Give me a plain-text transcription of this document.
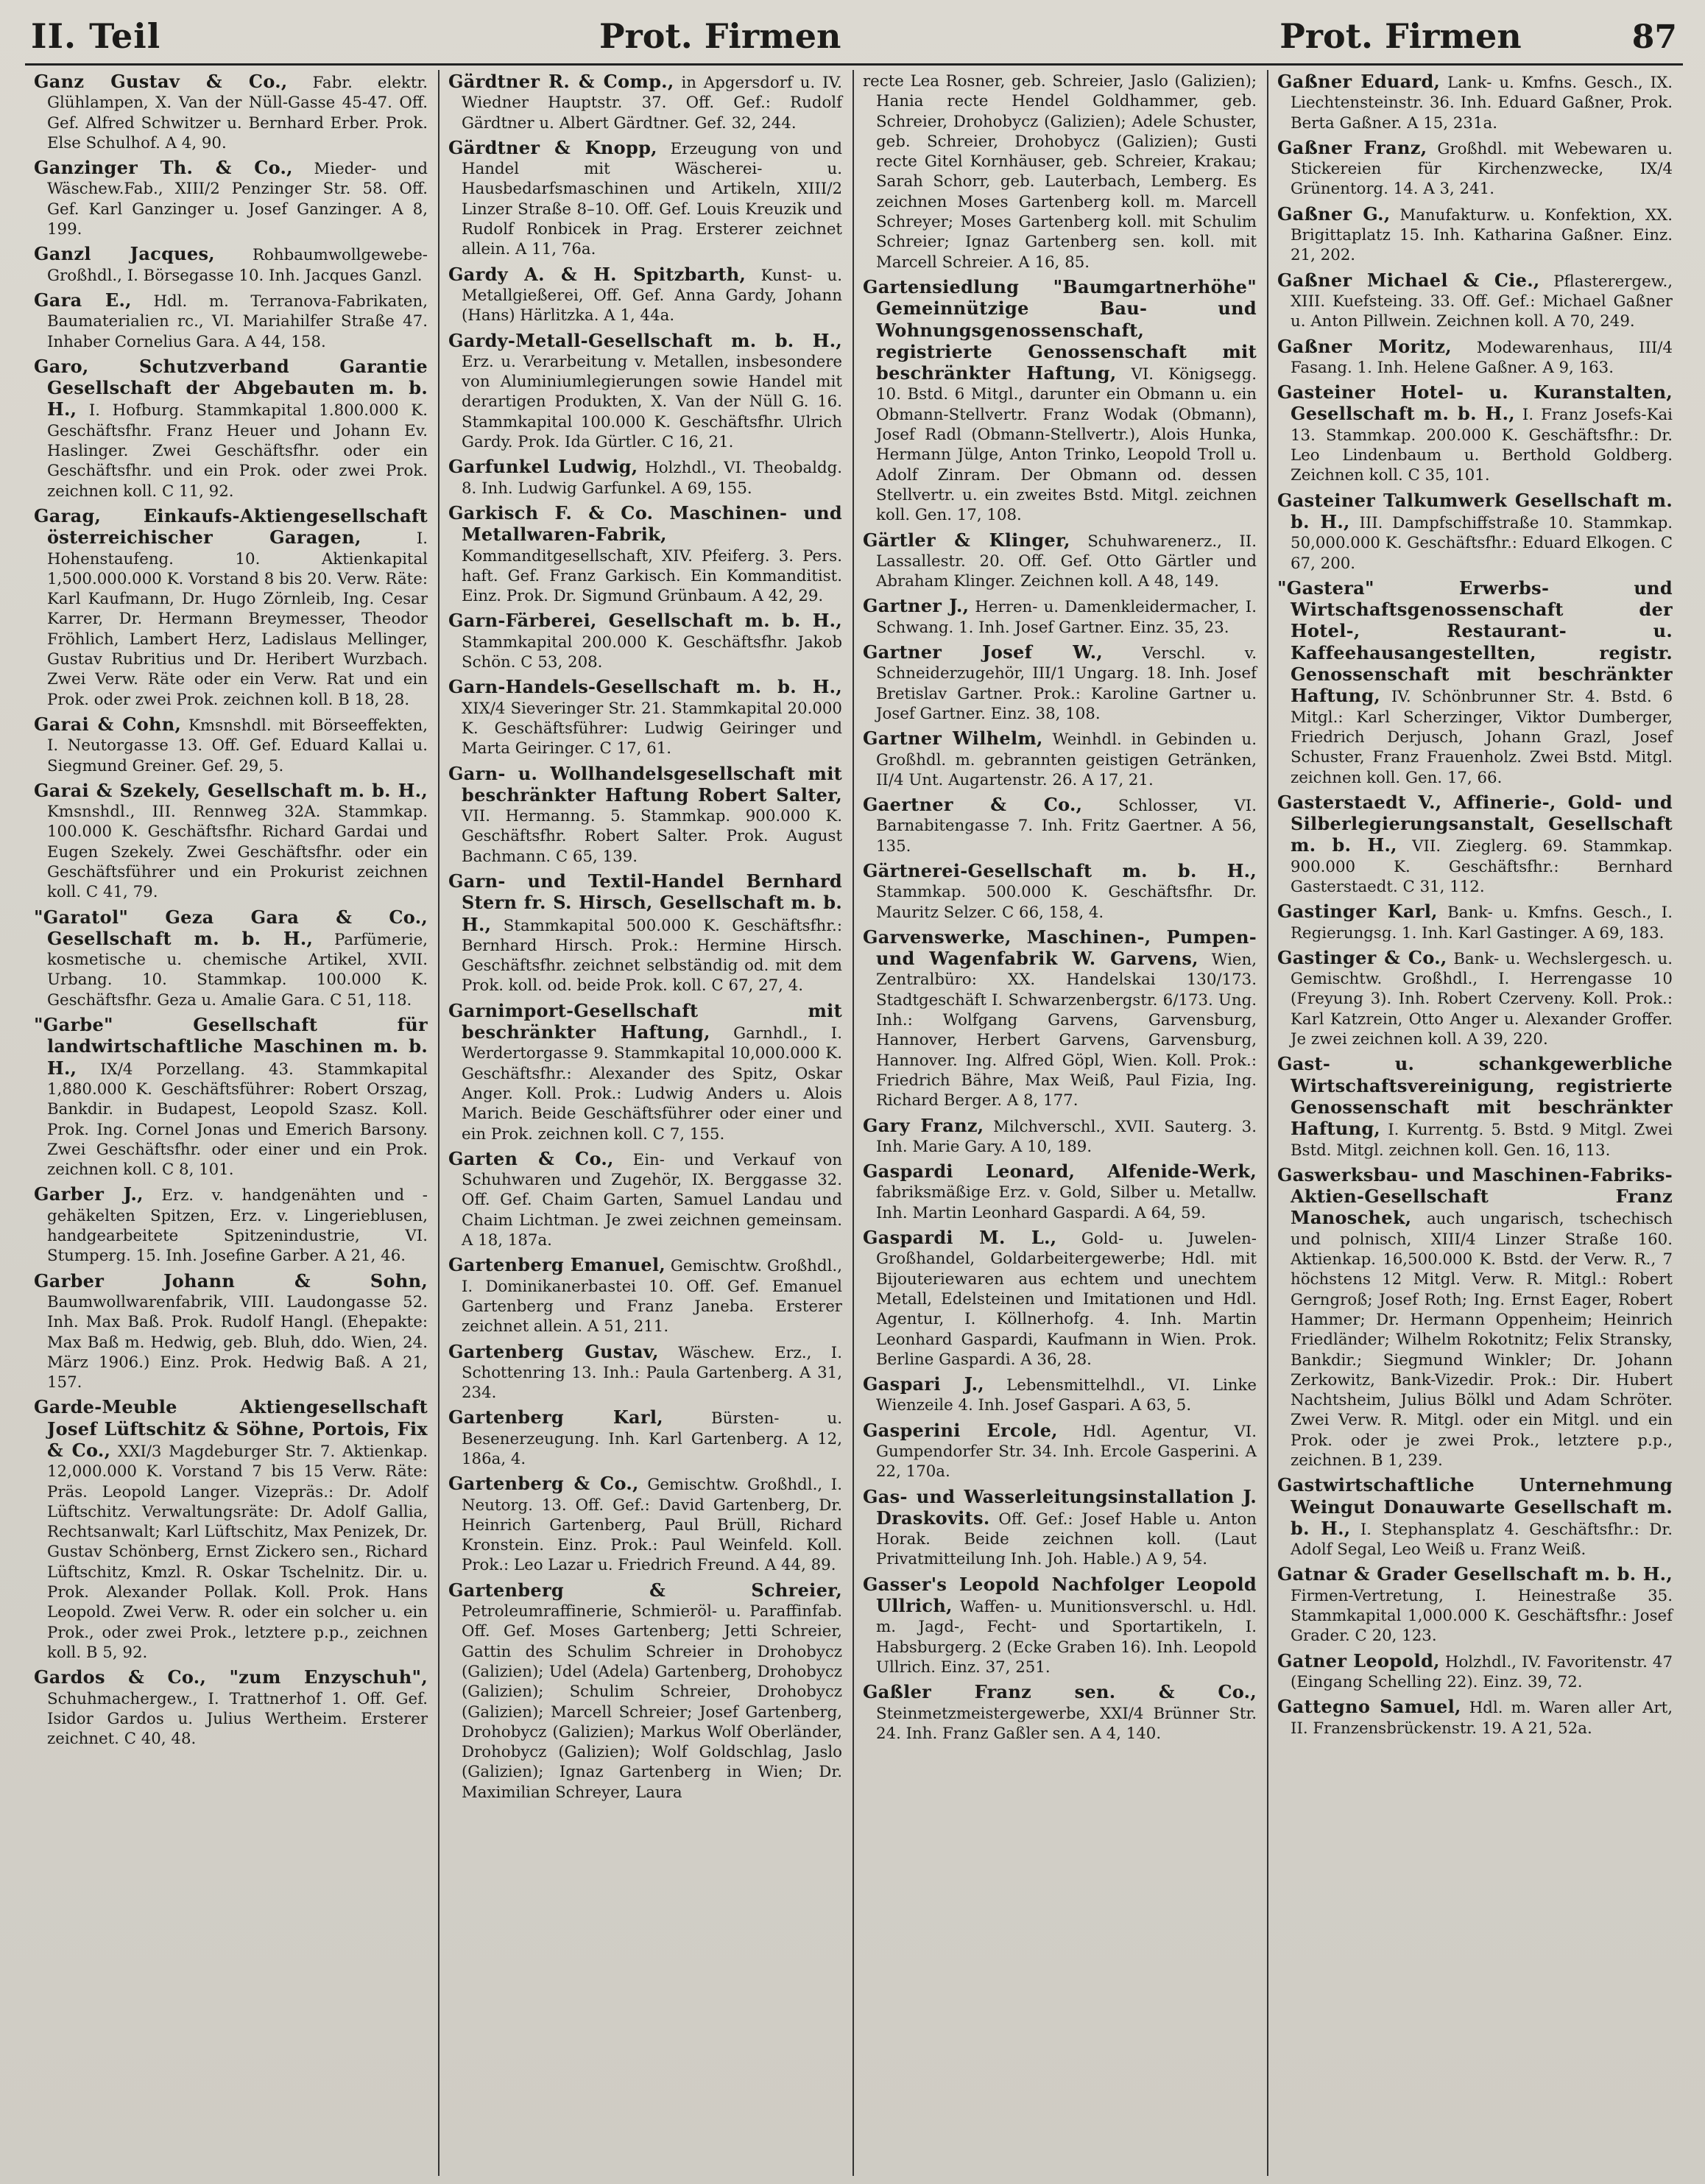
II. Teil	Prot. Firmen	Prot. Firmen	87

Ganz Gustav & Co., Fabr. elektr. Glühlampen, X. Van der Nüll-Gasse 45-47. Off. Gef. Alfred Schwitzer u. Bernhard Erber. Prok. Else Schulhof. A 4, 90.

Ganzinger Th. & Co., Mieder- und Wäschew.Fab., XIII/2 Penzinger Str. 58. Off. Gef. Karl Ganzinger u. Josef Ganzinger. A 8, 199.

Ganzl Jacques, Rohbaumwollgewebe-Großhdl., I. Börsegasse 10. Inh. Jacques Ganzl.

Gara E., Hdl. m. Terranova-Fabrikaten, Baumaterialien rc., VI. Mariahilfer Straße 47. Inhaber Cornelius Gara. A 44, 158.

Garo, Schutzverband Garantie Gesellschaft der Abgebauten m. b. H., I. Hofburg. Stammkapital 1.800.000 K. Geschäftsfhr. Franz Heuer und Johann Ev. Haslinger. Zwei Geschäftsfhr. oder ein Geschäftsfhr. und ein Prok. oder zwei Prok. zeichnen koll. C 11, 92.

Garag, Einkaufs-Aktiengesellschaft österreichischer Garagen,	I. Hohenstaufeng. 10. Aktienkapital 1,500.000.000 K. Vorstand 8 bis 20. Verw. Räte: Karl Kaufmann, Dr. Hugo Zörnleib, Ing. Cesar Karrer, Dr. Hermann Breymesser, Theodor Fröhlich, Lambert Herz, Ladislaus Mellinger, Gustav Rubritius und Dr. Heribert Wurzbach. Zwei Verw. Räte oder ein Verw. Rat und ein Prok. oder zwei Prok. zeichnen koll. B 18, 28.

Garai & Cohn, Kmsnshdl. mit Börseeffekten, I. Neutorgasse 13. Off. Gef. Eduard Kallai u. Siegmund Greiner. Gef. 29, 5.

Garai & Szekely, Gesellschaft m. b. H., Kmsnshdl., III. Rennweg 32A. Stammkap. 100.000 K. Geschäftsfhr. Richard Gardai und Eugen Szekely. Zwei Geschäftsfhr. oder ein Geschäftsführer und ein Prokurist zeichnen koll. C 41, 79.

"Garatol" Geza Gara & Co., Gesellschaft m. b. H., Parfümerie, kosmetische u. chemische Artikel, XVII. Urbang. 10. Stammkap. 100.000 K. Geschäftsfhr. Geza u. Amalie Gara. C 51, 118.

"Garbe" Gesellschaft für landwirtschaftliche Maschinen m. b. H., IX/4 Porzellang. 43. Stammkapital 1,880.000 K. Geschäftsführer: Robert Orszag, Bankdir. in Budapest, Leopold Szasz. Koll. Prok. Ing. Cornel Jonas und Emerich Barsony. Zwei Geschäftsfhr. oder einer und ein Prok. zeichnen koll. C 8, 101.

Garber J., Erz. v. handgenähten und -gehäkelten Spitzen, Erz. v. Lingerieblusen, handgearbeitete Spitzenindustrie, VI. Stumperg. 15. Inh. Josefine Garber. A 21, 46.

Garber Johann & Sohn, Baumwollwarenfabrik, VIII. Laudongasse 52. Inh. Max Baß. Prok. Rudolf Hangl. (Ehepakte: Max Baß m. Hedwig, geb. Bluh, ddo. Wien, 24. März 1906.) Einz. Prok. Hedwig Baß. A 21, 157.

Garde-Meuble Aktiengesellschaft Josef Lüftschitz & Söhne, Portois, Fix & Co., XXI/3 Magdeburger Str. 7. Aktienkap. 12,000.000 K. Vorstand 7 bis 15 Verw. Räte: Präs. Leopold Langer. Vizepräs.: Dr. Adolf Lüftschitz. Verwaltungsräte: Dr. Adolf Gallia, Rechtsanwalt; Karl Lüftschitz, Max Penizek, Dr. Gustav Schönberg, Ernst Zickero sen., Richard Lüftschitz, Kmzl. R. Oskar Tschelnitz. Dir. u. Prok. Alexander Pollak. Koll. Prok. Hans Leopold. Zwei Verw. R. oder ein solcher u. ein Prok., oder zwei Prok., letztere p.p., zeichnen koll. B 5, 92.

Gardos & Co., "zum Enzyschuh", Schuhmachergew., I. Trattnerhof 1. Off. Gef. Isidor Gardos u. Julius Wertheim. Ersterer zeichnet. C 40, 48.

Gärdtner R. & Comp., in Apgersdorf u. IV. Wiedner Hauptstr. 37. Off. Gef.: Rudolf Gärdtner u. Albert Gärdtner. Gef. 32, 244.

Gärdtner & Knopp, Erzeugung von und Handel mit Wäscherei- u. Hausbedarfsmaschinen und Artikeln, XIII/2 Linzer Straße 8–10. Off. Gef. Louis Kreuzik und Rudolf Ronbicek in Prag. Ersterer zeichnet allein. A 11, 76a.

Gardy A. & H. Spitzbarth, Kunst- u. Metallgießerei, Off. Gef. Anna Gardy, Johann (Hans) Härlitzka. A 1, 44a.

Gardy-Metall-Gesellschaft m. b. H., Erz. u. Verarbeitung v. Metallen, insbesondere von Aluminiumlegierungen sowie Handel mit derartigen Produkten, X. Van der Nüll G. 16. Stammkapital 100.000 K. Geschäftsfhr. Ulrich Gardy. Prok. Ida Gürtler. C 16, 21.

Garfunkel Ludwig, Holzhdl., VI. Theobaldg. 8. Inh. Ludwig Garfunkel. A 69, 155.

Garkisch F. & Co. Maschinen- und Metallwaren-Fabrik, Kommanditgesellschaft, XIV. Pfeiferg. 3. Pers. haft. Gef. Franz Garkisch. Ein Kommanditist. Einz. Prok. Dr. Sigmund Grünbaum. A 42, 29.

Garn-Färberei, Gesellschaft m. b. H., Stammkapital 200.000 K. Geschäftsfhr. Jakob Schön. C 53, 208.

Garn-Handels-Gesellschaft m. b. H., XIX/4 Sieveringer Str. 21. Stammkapital 20.000 K. Geschäftsführer: Ludwig Geiringer und Marta Geiringer. C 17, 61.

Garn- u. Wollhandelsgesellschaft mit beschränkter Haftung Robert Salter, VII. Hermanng. 5. Stammkap. 900.000 K. Geschäftsfhr. Robert Salter. Prok. August Bachmann. C 65, 139.

Garn- und Textil-Handel Bernhard Stern fr. S. Hirsch, Gesellschaft m. b. H., Stammkapital 500.000 K. Geschäftsfhr.: Bernhard Hirsch. Prok.: Hermine Hirsch. Geschäftsfhr. zeichnet selbständig od. mit dem Prok. koll. od. beide Prok. koll. C 67, 27, 4.

Garnimport-Gesellschaft mit beschränkter Haftung, Garnhdl., I. Werdertorgasse 9. Stammkapital 10,000.000 K. Geschäftsfhr.: Alexander des Spitz, Oskar Anger. Koll. Prok.: Ludwig Anders u. Alois Marich. Beide Geschäftsführer oder einer und ein Prok. zeichnen koll. C 7, 155.

Garten & Co., Ein- und Verkauf von Schuhwaren und Zugehör, IX. Berggasse 32. Off. Gef. Chaim Garten, Samuel Landau und Chaim Lichtman. Je zwei zeichnen gemeinsam. A 18, 187a.

Gartenberg Emanuel, Gemischtw. Großhdl., I. Dominikanerbastei 10. Off. Gef. Emanuel Gartenberg und Franz Janeba. Ersterer zeichnet allein. A 51, 211.

Gartenberg Gustav, Wäschew. Erz., I. Schottenring 13. Inh.: Paula Gartenberg. A 31, 234.

Gartenberg Karl,	Bürsten- u. Besenerzeugung. Inh. Karl Gartenberg. A 12, 186a, 4.

Gartenberg & Co., Gemischtw. Großhdl., I. Neutorg. 13. Off. Gef.: David Gartenberg, Dr. Heinrich Gartenberg, Paul Brüll, Richard Kronstein. Einz. Prok.: Paul Weinfeld. Koll. Prok.: Leo Lazar u. Friedrich Freund. A 44, 89.

Gartenberg & Schreier, Petroleumraffinerie, Schmieröl- u. Paraffinfab. Off. Gef. Moses Gartenberg; Jetti Schreier, Gattin des Schulim Schreier in Drohobycz (Galizien); Udel (Adela) Gartenberg, Drohobycz (Galizien); Schulim Schreier, Drohobycz (Galizien); Marcell Schreier; Josef Gartenberg, Drohobycz (Galizien); Markus Wolf Oberländer, Drohobycz (Galizien); Wolf Goldschlag, Jaslo (Galizien); Ignaz Gartenberg in Wien; Dr. Maximilian Schreyer, Laura

recte Lea Rosner, geb. Schreier, Jaslo (Galizien); Hania recte Hendel Goldhammer, geb. Schreier, Drohobycz (Galizien); Adele Schuster, geb. Schreier, Drohobycz (Galizien); Gusti recte Gitel Kornhäuser, geb. Schreier, Krakau; Sarah Schorr, geb. Lauterbach, Lemberg. Es zeichnen Moses Gartenberg koll. m. Marcell Schreyer; Moses Gartenberg koll. mit Schulim Schreier; Ignaz Gartenberg sen. koll. mit Marcell Schreier. A 16, 85.

Gartensiedlung "Baumgartnerhöhe" Gemeinnützige Bau- und Wohnungsgenossenschaft, registrierte Genossenschaft mit beschränkter Haftung, VI. Königsegg. 10. Bstd. 6 Mitgl., darunter ein Obmann u. ein Obmann-Stellvertr. Franz Wodak (Obmann), Josef Radl (Obmann-Stellvertr.), Alois Hunka, Hermann Jülge, Anton Trinko, Leopold Troll u. Adolf Zinram. Der Obmann od. dessen Stellvertr. u. ein zweites Bstd. Mitgl. zeichnen koll. Gen. 17, 108.

Gärtler & Klinger, Schuhwarenerz., II. Lassallestr. 20. Off. Gef. Otto Gärtler und Abraham Klinger. Zeichnen koll. A 48, 149.

Gartner J., Herren- u. Damenkleidermacher, I. Schwang. 1. Inh. Josef Gartner. Einz. 35, 23.

Gartner Josef W., Verschl. v. Schneiderzugehör, III/1 Ungarg. 18. Inh. Josef Bretislav Gartner. Prok.: Karoline Gartner u. Josef Gartner. Einz. 38, 108.

Gartner Wilhelm, Weinhdl. in Gebinden u. Großhdl. m. gebrannten geistigen Getränken, II/4 Unt. Augartenstr. 26. A 17, 21.

Gaertner & Co., Schlosser, VI. Barnabitengasse 7. Inh. Fritz Gaertner. A 56, 135.

Gärtnerei-Gesellschaft m. b. H., Stammkap. 500.000 K. Geschäftsfhr. Dr. Mauritz Selzer. C 66, 158, 4.

Garvenswerke, Maschinen-, Pumpen- und Wagenfabrik W. Garvens, Wien, Zentralbüro: XX. Handelskai 130/173. Stadtgeschäft I. Schwarzenbergstr. 6/173. Ung. Inh.: Wolfgang Garvens, Garvensburg, Hannover, Herbert Garvens, Garvensburg, Hannover. Ing. Alfred Göpl, Wien. Koll. Prok.: Friedrich Bähre, Max Weiß, Paul Fizia, Ing. Richard Berger. A 8, 177.

Gary Franz, Milchverschl., XVII. Sauterg. 3. Inh. Marie Gary. A 10, 189.

Gaspardi Leonard, Alfenide-Werk, fabriksmäßige Erz. v. Gold, Silber u. Metallw. Inh. Martin Leonhard Gaspardi. A 64, 59.

Gaspardi M. L., Gold- u. Juwelen-Großhandel, Goldarbeitergewerbe; Hdl. mit Bijouteriewaren aus echtem und unechtem Metall, Edelsteinen und Imitationen und Hdl. Agentur, I. Köllnerhofg. 4. Inh. Martin Leonhard Gaspardi, Kaufmann in Wien. Prok. Berline Gaspardi. A 36, 28.

Gaspari J., Lebensmittelhdl., VI. Linke Wienzeile 4. Inh. Josef Gaspari. A 63, 5.

Gasperini Ercole, Hdl. Agentur, VI. Gumpendorfer Str. 34. Inh. Ercole Gasperini. A 22, 170a.

Gas- und Wasserleitungsinstallation J. Draskovits. Off. Gef.: Josef Hable u. Anton Horak. Beide zeichnen koll. (Laut Privatmitteilung Inh. Joh. Hable.) A 9, 54.

Gasser's Leopold Nachfolger Leopold Ullrich, Waffen- u. Munitionsverschl. u. Hdl. m. Jagd-, Fecht- und Sportartikeln, I. Habsburgerg. 2 (Ecke Graben 16). Inh. Leopold Ullrich. Einz. 37, 251.

Gaßler Franz sen. & Co., Steinmetzmeistergewerbe, XXI/4 Brünner Str. 24. Inh. Franz Gaßler sen. A 4, 140.

Gaßner Eduard, Lank- u. Kmfns. Gesch., IX. Liechtensteinstr. 36. Inh. Eduard Gaßner, Prok. Berta Gaßner. A 15, 231a.

Gaßner Franz, Großhdl. mit Webewaren u. Stickereien für Kirchenzwecke, IX/4 Grünentorg. 14. A 3, 241.

Gaßner G., Manufakturw. u. Konfektion, XX. Brigittaplatz 15. Inh. Katharina Gaßner. Einz. 21, 202.

Gaßner Michael & Cie., Pflasterergew., XIII. Kuefsteing. 33. Off. Gef.: Michael Gaßner u. Anton Pillwein. Zeichnen koll. A 70, 249.

Gaßner Moritz, Modewarenhaus, III/4 Fasang. 1. Inh. Helene Gaßner. A 9, 163.

Gasteiner Hotel- u. Kuranstalten, Gesellschaft m. b. H., I. Franz Josefs-Kai 13. Stammkap. 200.000 K. Geschäftsfhr.: Dr. Leo Lindenbaum u. Berthold Goldberg. Zeichnen koll. C 35, 101.

Gasteiner Talkumwerk Gesellschaft m. b. H., III. Dampfschiffstraße 10. Stammkap. 50,000.000 K. Geschäftsfhr.: Eduard Elkogen. C 67, 200.

"Gastera" Erwerbs- und Wirtschaftsgenossenschaft der Hotel-, Restaurant- u. Kaffeehausangestellten, registr. Genossenschaft mit beschränkter Haftung, IV. Schönbrunner Str. 4. Bstd. 6 Mitgl.: Karl Scherzinger, Viktor Dumberger, Friedrich Derjusch, Johann Grazl, Josef Schuster, Franz Frauenholz. Zwei Bstd. Mitgl. zeichnen koll. Gen. 17, 66.

Gasterstaedt V., Affinerie-, Gold- und Silberlegierungsanstalt, Gesellschaft m. b. H., VII. Zieglerg. 69. Stammkap. 900.000 K. Geschäftsfhr.: Bernhard Gasterstaedt. C 31, 112.

Gastinger Karl, Bank- u. Kmfns. Gesch., I. Regierungsg. 1. Inh. Karl Gastinger. A 69, 183.

Gastinger & Co., Bank- u. Wechslergesch. u. Gemischtw. Großhdl., I. Herrengasse 10 (Freyung 3). Inh. Robert Czerveny. Koll. Prok.: Karl Katzrein, Otto Anger u. Alexander Groffer. Je zwei zeichnen koll. A 39, 220.

Gast- u. schankgewerbliche Wirtschaftsvereinigung, registrierte Genossenschaft mit beschränkter Haftung, I. Kurrentg. 5. Bstd. 9 Mitgl. Zwei Bstd. Mitgl. zeichnen koll. Gen. 16, 113.

Gaswerksbau- und Maschinen-Fabriks-Aktien-Gesellschaft Franz Manoschek, auch ungarisch, tschechisch und polnisch, XIII/4 Linzer Straße 160. Aktienkap. 16,500.000 K. Bstd. der Verw. R., 7 höchstens 12 Mitgl. Verw. R. Mitgl.: Robert Gerngroß; Josef Roth; Ing. Ernst Eager, Robert Hammer; Dr. Hermann Oppenheim; Heinrich Friedländer; Wilhelm Rokotnitz; Felix Stransky, Bankdir.; Siegmund Winkler; Dr. Johann Zerkowitz, Bank-Vizedir. Prok.: Dir. Hubert Nachtsheim, Julius Bölkl und Adam Schröter. Zwei Verw. R. Mitgl. oder ein Mitgl. und ein Prok. oder je zwei Prok., letztere p.p., zeichnen. B 1, 239.

Gastwirtschaftliche Unternehmung Weingut Donauwarte Gesellschaft m. b. H., I. Stephansplatz 4. Geschäftsfhr.: Dr. Adolf Segal, Leo Weiß u. Franz Weiß.

Gatnar & Grader Gesellschaft m. b. H., Firmen-Vertretung, I. Heinestraße 35. Stammkapital 1,000.000 K. Geschäftsfhr.: Josef Grader. C 20, 123.

Gatner Leopold, Holzhdl., IV. Favoritenstr. 47 (Eingang Schelling 22). Einz. 39, 72.

Gattegno Samuel, Hdl. m. Waren aller Art, II. Franzensbrückenstr. 19. A 21, 52a.
